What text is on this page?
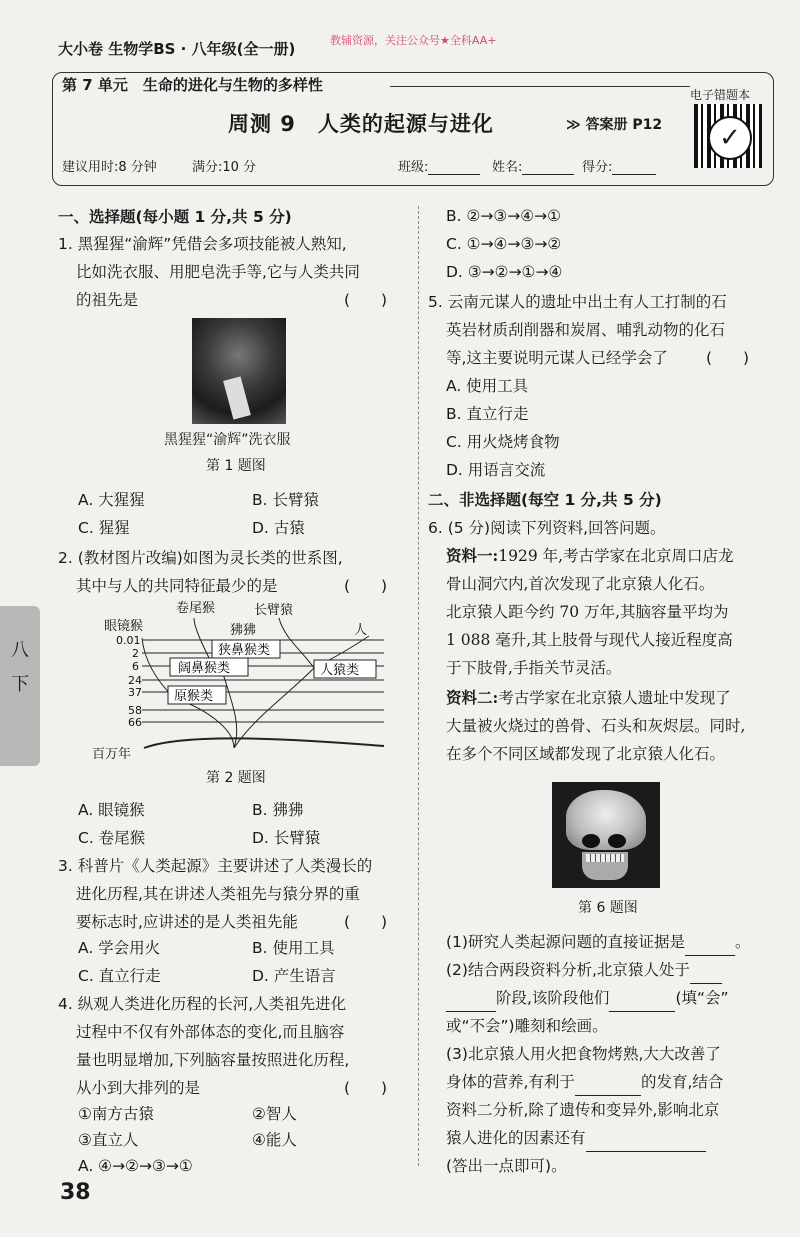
大小卷 生物学BS · 八年级(全一册)	教辅资源，关注公众号★全科AA+
第 7 单元　生命的进化与生物的多样性
周测 9　人类的起源与进化	≫ 答案册 P12
电子错题本
✓
建议用时:8 分钟	满分:10 分	班级:	姓名:	得分:
八
下
一、选择题(每小题 1 分,共 5 分)
1. 黑猩猩“渝辉”凭借会多项技能被人熟知,
比如洗衣服、用肥皂洗手等,它与人类共同
的祖先是	(　　)
黑猩猩“渝辉”洗衣服
第 1 题图
A. 大猩猩	B. 长臂猿
C. 猩猩	D. 古猿
2. (教材图片改编)如图为灵长类的世系图,
其中与人的共同特征最少的是	(　　)
卷尾猴	长臂猿
眼镜猴	狒狒	人
0.01
2
6
24
37
58
66
百万年
狭鼻猴类
阔鼻猴类	人猿类
原猴类
第 2 题图
A. 眼镜猴	B. 狒狒
C. 卷尾猴	D. 长臂猿
3. 科普片《人类起源》主要讲述了人类漫长的
进化历程,其在讲述人类祖先与猿分界的重
要标志时,应讲述的是人类祖先能	(　　)
A. 学会用火	B. 使用工具
C. 直立行走	D. 产生语言
4. 纵观人类进化历程的长河,人类祖先进化
过程中不仅有外部体态的变化,而且脑容
量也明显增加,下列脑容量按照进化历程,
从小到大排列的是	(　　)
①南方古猿	②智人
③直立人	④能人
A. ④→②→③→①
B. ②→③→④→①
C. ①→④→③→②
D. ③→②→①→④
5. 云南元谋人的遗址中出土有人工打制的石
英岩材质刮削器和炭屑、哺乳动物的化石
等,这主要说明元谋人已经学会了 (　　)
A. 使用工具
B. 直立行走
C. 用火烧烤食物
D. 用语言交流
二、非选择题(每空 1 分,共 5 分)
6. (5 分)阅读下列资料,回答问题。
资料一:1929 年,考古学家在北京周口店龙
骨山洞穴内,首次发现了北京猿人化石。
北京猿人距今约 70 万年,其脑容量平均为
1 088 毫升,其上肢骨与现代人接近程度高
于下肢骨,手指关节灵活。
资料二:考古学家在北京猿人遗址中发现了
大量被火烧过的兽骨、石头和灰烬层。同时,
在多个不同区域都发现了北京猿人化石。
第 6 题图
(1)研究人类起源问题的直接证据是	。
(2)结合两段资料分析,北京猿人处于
阶段,该阶段他们	(填“会”
或“不会”)雕刻和绘画。
(3)北京猿人用火把食物烤熟,大大改善了
身体的营养,有利于	的发育,结合
资料二分析,除了遗传和变异外,影响北京
猿人进化的因素还有
(答出一点即可)。
38
